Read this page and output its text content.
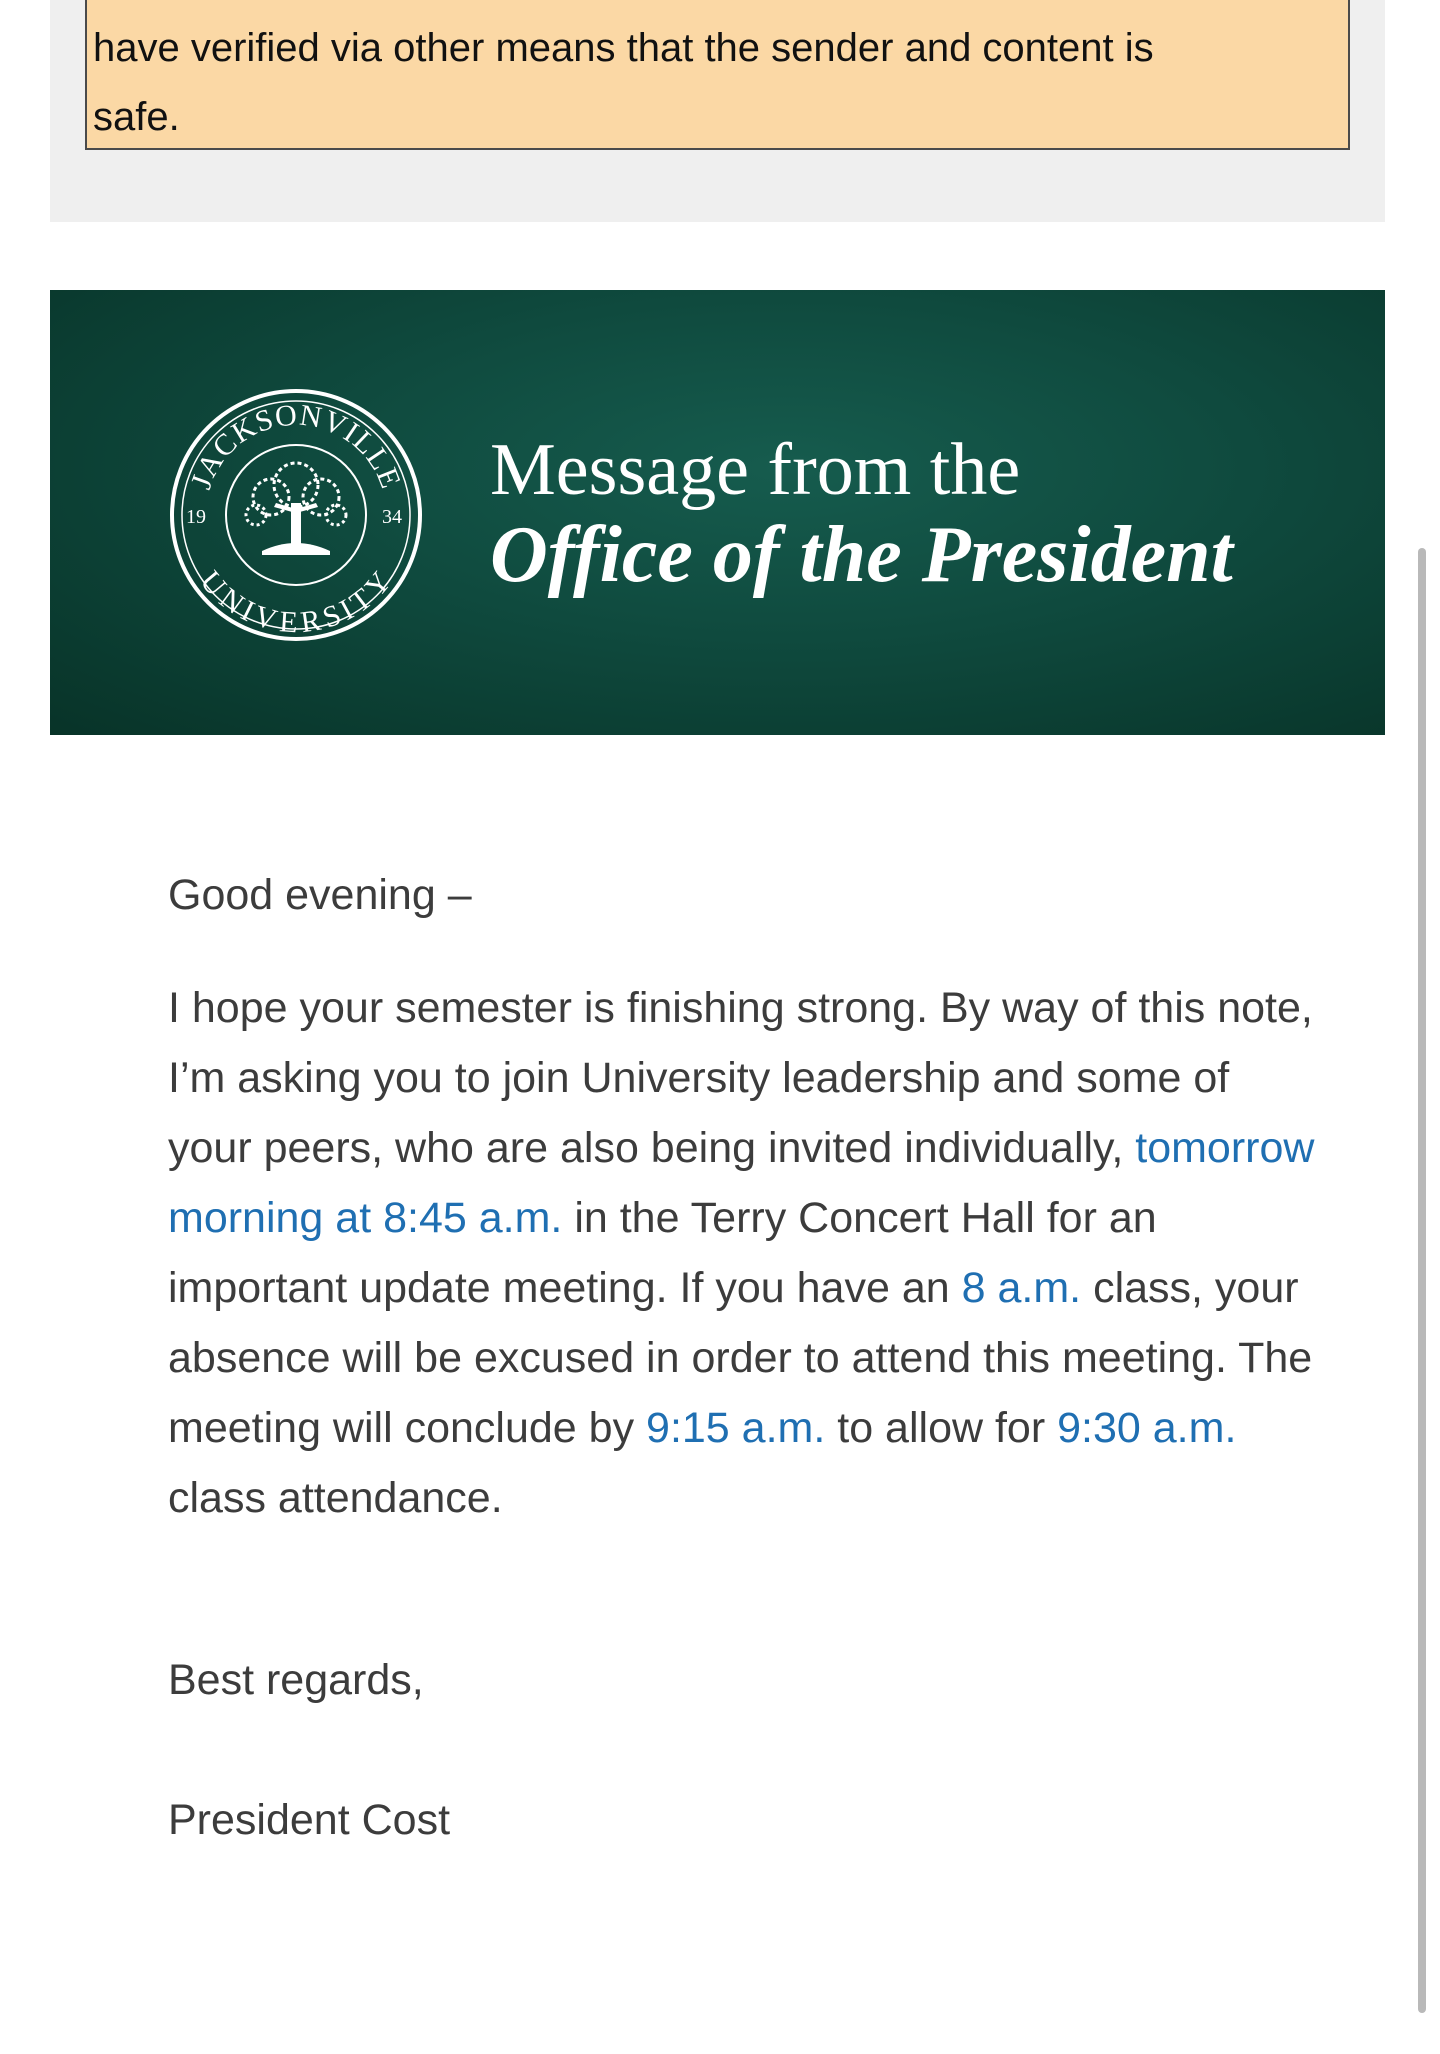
have verified via other means that the sender and content is
safe.
JACKSONVILLE
UNIVERSITY
19	34
Message from the
Office of the President
Good evening –
I hope your semester is finishing strong. By way of this note, I’m asking you to join University leadership and some of your peers, who are also being invited individually, tomorrow morning at 8:45 a.m. in the Terry Concert Hall for an important update meeting. If you have an 8 a.m. class, your absence will be excused in order to attend this meeting. The meeting will conclude by 9:15 a.m. to allow for 9:30 a.m. class attendance.
Best regards,
President Cost
